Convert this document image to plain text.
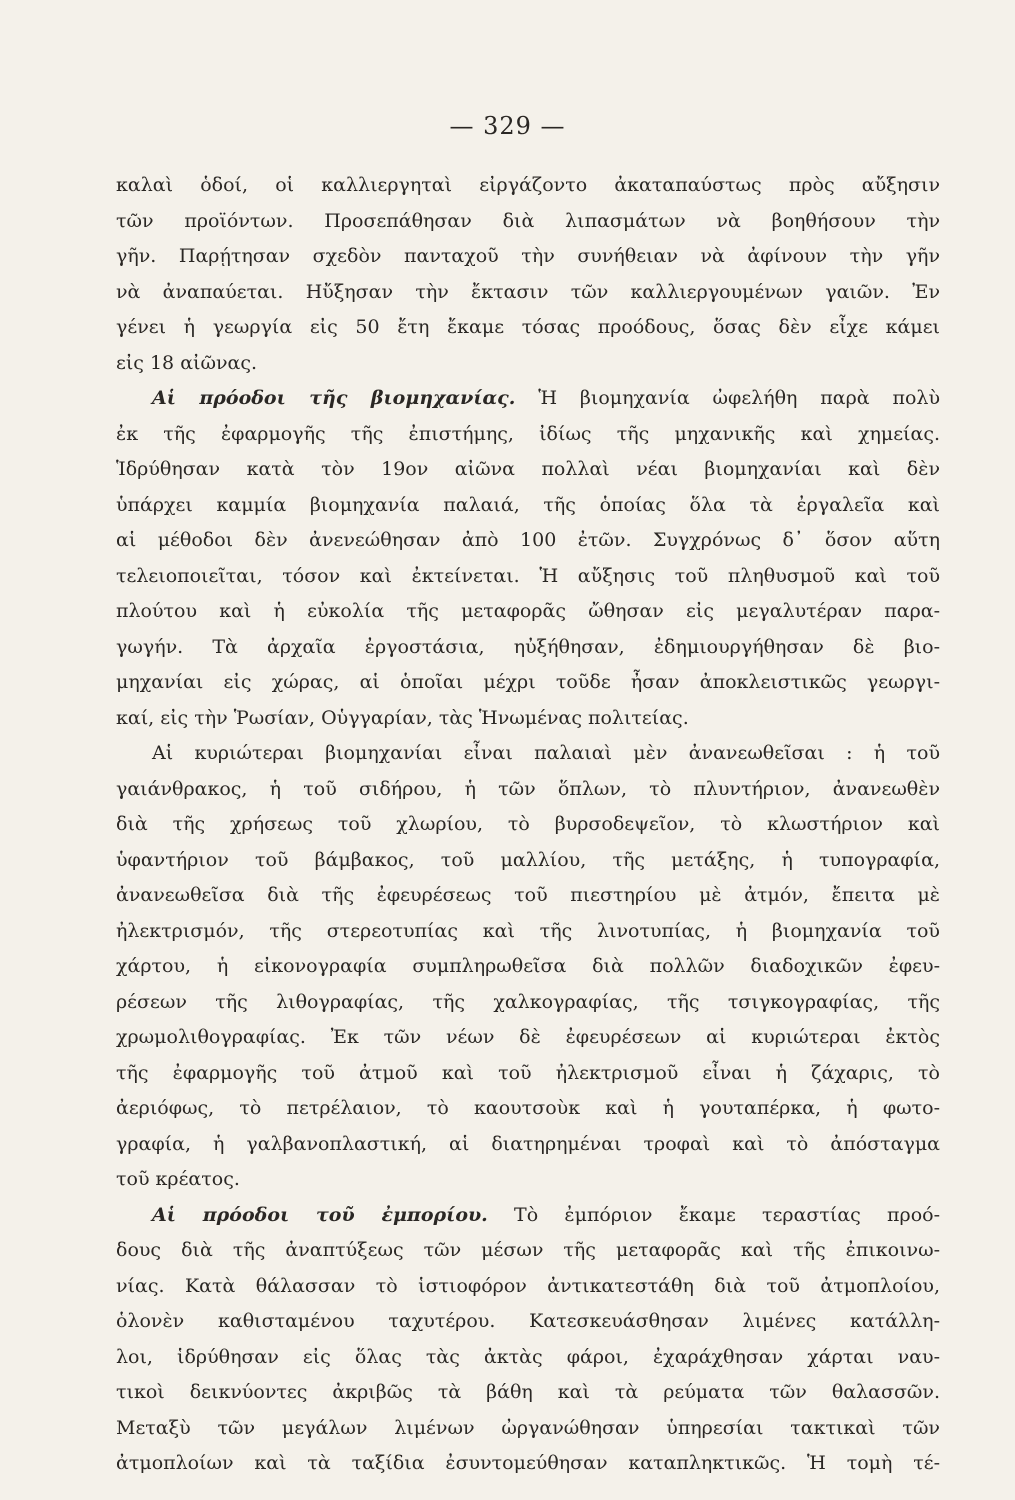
— 329 —
καλαὶ ὁδοί, οἱ καλλιεργηταὶ εἰργάζοντο ἀκαταπαύστως πρὸς αὔξησιν
τῶν προϊόντων. Προσεπάθησαν διὰ λιπασμάτων νὰ βοηθήσουν τὴν
γῆν. Παρῄτησαν σχεδὸν πανταχοῦ τὴν συνήθειαν νὰ ἀφίνουν τὴν γῆν
νὰ ἀναπαύεται. Ηὔξησαν τὴν ἔκτασιν τῶν καλλιεργουμένων γαιῶν. Ἐν
γένει ἡ γεωργία εἰς 50 ἔτη ἔκαμε τόσας προόδους, ὅσας δὲν εἶχε κάμει
εἰς 18 αἰῶνας.
Αἱ πρόοδοι τῆς βιομηχανίας. Ἡ βιομηχανία ὠφελήθη παρὰ πολὺ
ἐκ τῆς ἐφαρμογῆς τῆς ἐπιστήμης, ἰδίως τῆς μηχανικῆς καὶ χημείας.
Ἱδρύθησαν κατὰ τὸν 19ον αἰῶνα πολλαὶ νέαι βιομηχανίαι καὶ δὲν
ὑπάρχει καμμία βιομηχανία παλαιά, τῆς ὁποίας ὅλα τὰ ἐργαλεῖα καὶ
αἱ μέθοδοι δὲν ἀνενεώθησαν ἀπὸ 100 ἐτῶν. Συγχρόνως δ᾽ ὅσον αὕτη
τελειοποιεῖται, τόσον καὶ ἐκτείνεται. Ἡ αὔξησις τοῦ πληθυσμοῦ καὶ τοῦ
πλούτου καὶ ἡ εὐκολία τῆς μεταφορᾶς ὤθησαν εἰς μεγαλυτέραν παρα-
γωγήν. Τὰ ἀρχαῖα ἐργοστάσια, ηὐξήθησαν, ἐδημιουργήθησαν δὲ βιο-
μηχανίαι εἰς χώρας, αἱ ὁποῖαι μέχρι τοῦδε ἦσαν ἀποκλειστικῶς γεωργι-
καί, εἰς τὴν Ῥωσίαν, Οὑγγαρίαν, τὰς Ἡνωμένας πολιτείας.
Αἱ κυριώτεραι βιομηχανίαι εἶναι παλαιαὶ μὲν ἀνανεωθεῖσαι : ἡ τοῦ
γαιάνθρακος, ἡ τοῦ σιδήρου, ἡ τῶν ὅπλων, τὸ πλυντήριον, ἀνανεωθὲν
διὰ τῆς χρήσεως τοῦ χλωρίου, τὸ βυρσοδεψεῖον, τὸ κλωστήριον καὶ
ὑφαντήριον τοῦ βάμβακος, τοῦ μαλλίου, τῆς μετάξης, ἡ τυπογραφία,
ἀνανεωθεῖσα διὰ τῆς ἐφευρέσεως τοῦ πιεστηρίου μὲ ἀτμόν, ἔπειτα μὲ
ἠλεκτρισμόν, τῆς στερεοτυπίας καὶ τῆς λινοτυπίας, ἡ βιομηχανία τοῦ
χάρτου, ἡ εἰκονογραφία συμπληρωθεῖσα διὰ πολλῶν διαδοχικῶν ἐφευ-
ρέσεων τῆς λιθογραφίας, τῆς χαλκογραφίας, τῆς τσιγκογραφίας, τῆς
χρωμολιθογραφίας. Ἐκ τῶν νέων δὲ ἐφευρέσεων αἱ κυριώτεραι ἐκτὸς
τῆς ἐφαρμογῆς τοῦ ἀτμοῦ καὶ τοῦ ἠλεκτρισμοῦ εἶναι ἡ ζάχαρις, τὸ
ἀεριόφως, τὸ πετρέλαιον, τὸ καουτσοὺκ καὶ ἡ γουταπέρκα, ἡ φωτο-
γραφία, ἡ γαλβανοπλαστική, αἱ διατηρημέναι τροφαὶ καὶ τὸ ἀπόσταγμα
τοῦ κρέατος.
Αἱ πρόοδοι τοῦ ἐμπορίου. Τὸ ἐμπόριον ἔκαμε τεραστίας προό-
δους διὰ τῆς ἀναπτύξεως τῶν μέσων τῆς μεταφορᾶς καὶ τῆς ἐπικοινω-
νίας. Κατὰ θάλασσαν τὸ ἱστιοφόρον ἀντικατεστάθη διὰ τοῦ ἀτμοπλοίου,
ὁλονὲν καθισταμένου ταχυτέρου. Κατεσκευάσθησαν λιμένες κατάλλη-
λοι, ἱδρύθησαν εἰς ὅλας τὰς ἀκτὰς φάροι, ἐχαράχθησαν χάρται ναυ-
τικοὶ δεικνύοντες ἀκριβῶς τὰ βάθη καὶ τὰ ρεύματα τῶν θαλασσῶν.
Μεταξὺ τῶν μεγάλων λιμένων ὠργανώθησαν ὑπηρεσίαι τακτικαὶ τῶν
ἀτμοπλοίων καὶ τὰ ταξίδια ἐσυντομεύθησαν καταπληκτικῶς. Ἡ τομὴ τέ-
